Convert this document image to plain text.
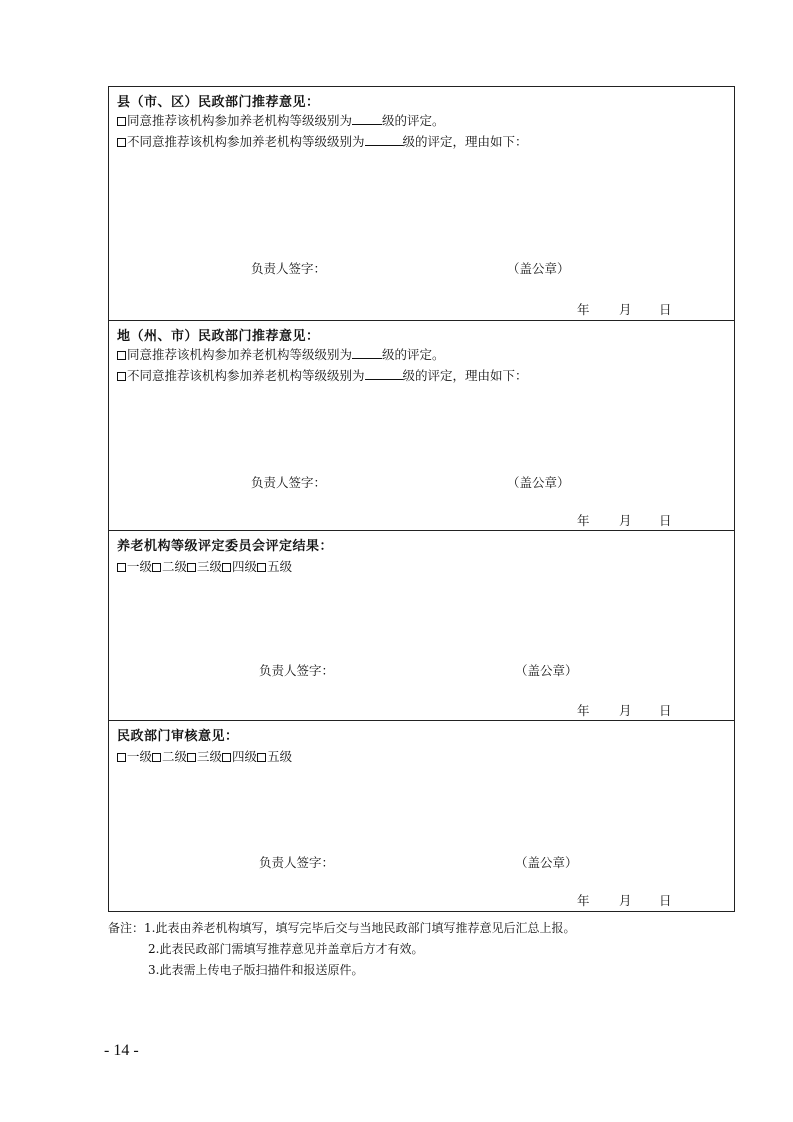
县（市、区）民政部门推荐意见：
同意推荐该机构参加养老机构等级级别为 级的评定。
不同意推荐该机构参加养老机构等级级别为	级的评定，理由如下：
负责人签字：	（盖公章）
年 月 日
地（州、市）民政部门推荐意见：
同意推荐该机构参加养老机构等级级别为 级的评定。
不同意推荐该机构参加养老机构等级级别为	级的评定，理由如下：
负责人签字：	（盖公章）
年 月 日
养老机构等级评定委员会评定结果：
一级 二级 三级 四级 五级
负责人签字：	（盖公章）
年 月 日
民政部门审核意见：
一级 二级 三级 四级 五级
负责人签字：	（盖公章）
年 月 日
备注：1.此表由养老机构填写，填写完毕后交与当地民政部门填写推荐意见后汇总上报。
2.此表民政部门需填写推荐意见并盖章后方才有效。
3.此表需上传电子版扫描件和报送原件。
- 14 -
